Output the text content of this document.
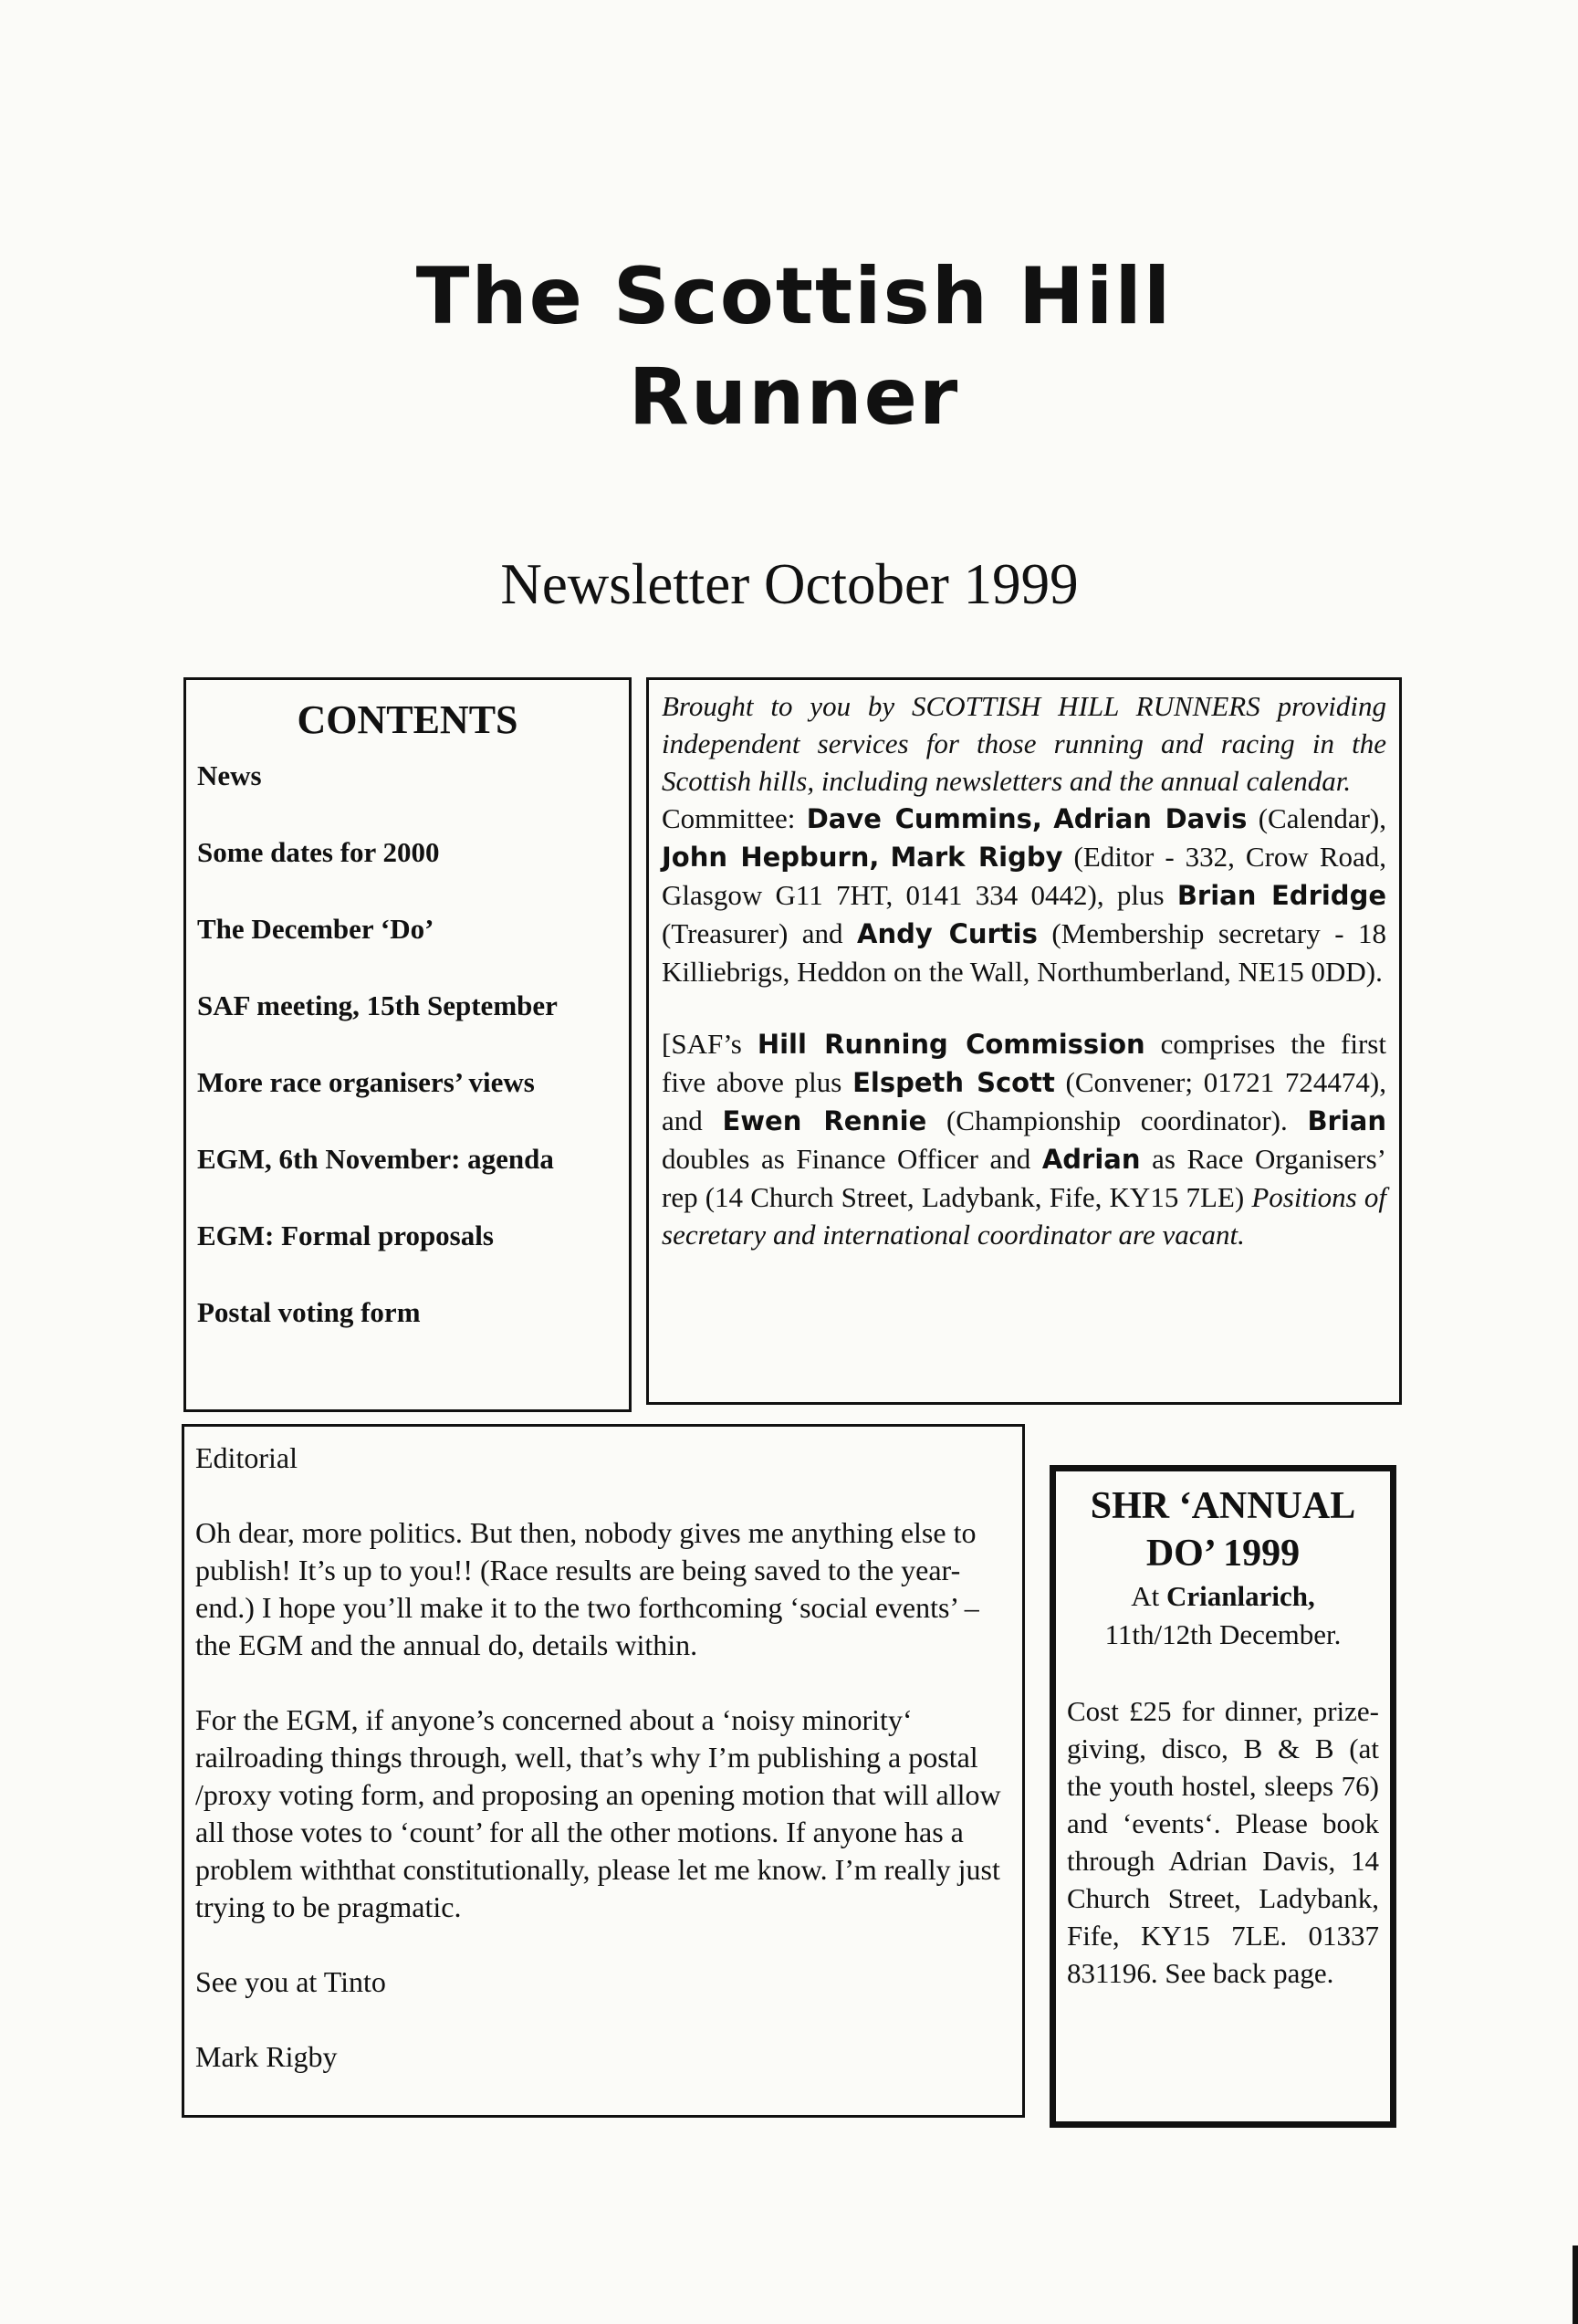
The Scottish Hill
Runner
Newsletter October 1999
CONTENTS
News
Some dates for 2000
The December ‘Do’
SAF meeting, 15th September
More race organisers’ views
EGM, 6th November: agenda
EGM: Formal proposals
Postal voting form

Brought to you by SCOTTISH HILL RUNNERS providing independent services for those running and racing in the Scottish hills, including newsletters and the annual calendar.

Committee: Dave Cummins, Adrian Davis (Calendar), John Hepburn, Mark Rigby (Editor - 332, Crow Road, Glasgow G11 7HT, 0141 334 0442), plus Brian Edridge (Treasurer) and Andy Curtis (Membership secretary - 18 Killiebrigs, Heddon on the Wall, Northumberland, NE15 0DD).

[SAF’s Hill Running Commission comprises the first five above plus Elspeth Scott (Convener; 01721 724474), and Ewen Rennie (Championship coordinator). Brian doubles as Finance Officer and Adrian as Race Organisers’ rep (14 Church Street, Ladybank, Fife, KY15 7LE) Positions of secretary and international coordinator are vacant.

Editorial

Oh dear, more politics. But then, nobody gives me anything else to publish! It’s up to you!! (Race results are being saved to the year-end.) I hope you’ll make it to the two forthcoming ‘social events’ – the EGM and the annual do, details within.

For the EGM, if anyone’s concerned about a ‘noisy minority‘ railroading things through, well, that’s why I’m publishing a postal /proxy voting form, and proposing an opening motion that will allow all those votes to ‘count’ for all the other motions. If anyone has a problem withthat constitutionally, please let me know. I’m really just trying to be pragmatic.

See you at Tinto

Mark Rigby

SHR ‘ANNUAL DO’ 1999
At Crianlarich,
11th/12th December.
Cost £25 for dinner, prize-giving, disco, B & B (at the youth hostel, sleeps 76) and ‘events‘. Please book through Adrian Davis, 14 Church Street, Ladybank, Fife, KY15 7LE. 01337 831196. See back page.
